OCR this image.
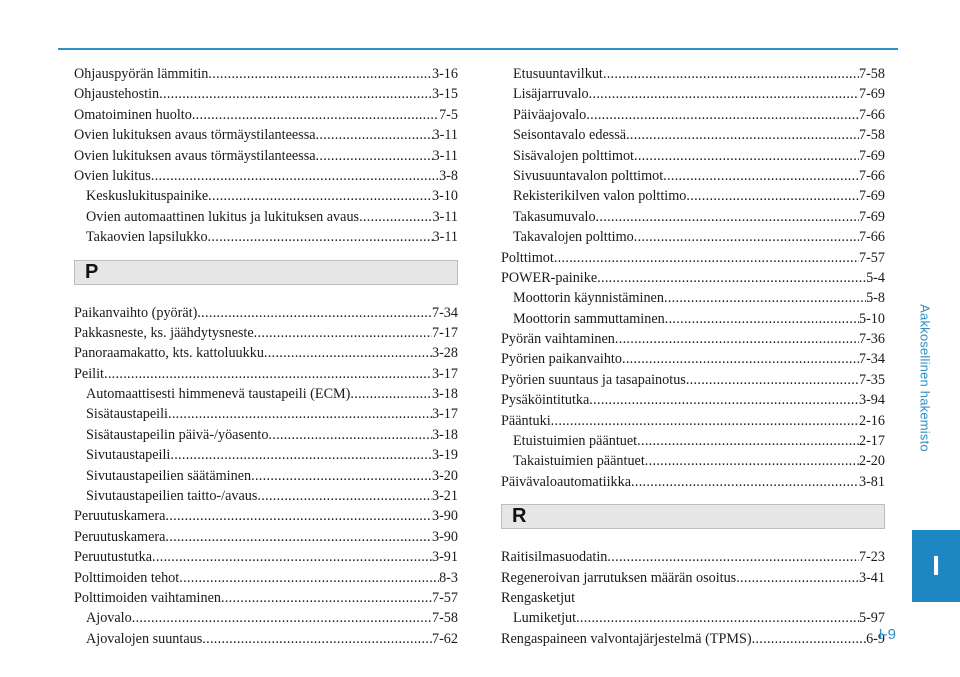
Aakkosellinen hakemisto
I
Ohjauspyörän lämmitin .....	3-16
Ohjaustehostin .....	3-15
Omatoiminen huolto .....	7-5
Ovien lukituksen avaus törmäystilanteessa .....	3-11
Ovien lukituksen avaus törmäystilanteessa .....	3-11
Ovien lukitus .....	3-8
Keskuslukituspainike .....	3-10
Ovien automaattinen lukitus ja lukituksen avaus .....	3-11
Takaovien lapsilukko .....	3-11
P
Paikanvaihto (pyörät) .....	7-34
Pakkasneste, ks. jäähdytysneste .....	7-17
Panoraamakatto, kts. kattoluukku .....	3-28
Peilit .....	3-17
Automaattisesti himmenevä taustapeili (ECM) .....	3-18
Sisätaustapeili .....	3-17
Sisätaustapeilin päivä-/yöasento .....	3-18
Sivutaustapeili .....	3-19
Sivutaustapeilien säätäminen .....	3-20
Sivutaustapeilien taitto-/avaus .....	3-21
Peruutuskamera .....	3-90
Peruutuskamera .....	3-90
Peruutustutka .....	3-91
Polttimoiden tehot .....	8-3
Polttimoiden vaihtaminen .....	7-57
Ajovalo .....	7-58
Ajovalojen suuntaus .....	7-62
Etusuuntavilkut .....	7-58
Lisäjarruvalo .....	7-69
Päiväajovalo .....	7-66
Seisontavalo edessä .....	7-58
Sisävalojen polttimot .....	7-69
Sivusuuntavalon polttimot .....	7-66
Rekisterikilven valon polttimo .....	7-69
Takasumuvalo .....	7-69
Takavalojen polttimo .....	7-66
Polttimot .....	7-57
POWER-painike .....	5-4
Moottorin käynnistäminen .....	5-8
Moottorin sammuttaminen .....	5-10
Pyörän vaihtaminen .....	7-36
Pyörien paikanvaihto .....	7-34
Pyörien suuntaus ja tasapainotus .....	7-35
Pysäköintitutka .....	3-94
Pääntuki .....	2-16
Etuistuimien pääntuet .....	2-17
Takaistuimien pääntuet .....	2-20
Päivävaloautomatiikka .....	3-81
R
Raitisilmasuodatin .....	7-23
Regeneroivan jarrutuksen määrän osoitus .....	3-41
Rengasketjut
Lumiketjut .....	5-97
Rengaspaineen valvontajärjestelmä (TPMS) .....	6-9
I-9
